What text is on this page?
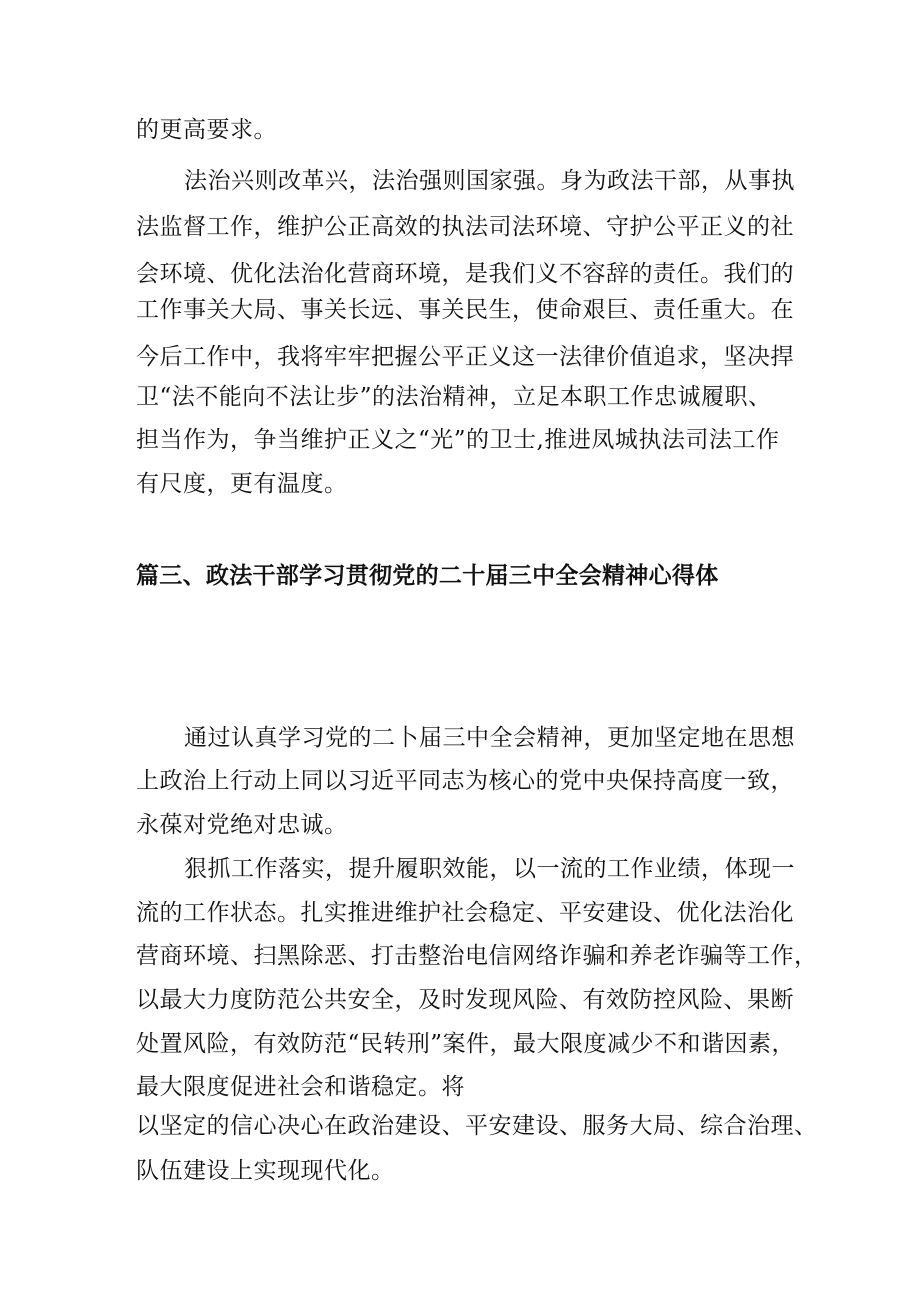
的更高要求。
法治兴则改革兴，法治强则国家强。身为政法干部，从事执
法监督工作，维护公正高效的执法司法环境、守护公平正义的社
会环境、优化法治化营商环境，是我们义不容辞的责任。我们的
工作事关大局、事关长远、事关民生，使命艰巨、责任重大。在
今后工作中，我将牢牢把握公平正义这一法律价值追求，坚决捍
卫“法不能向不法让步”的法治精神，立足本职工作忠诚履职、
担当作为，争当维护正义之“光”的卫士,推进凤城执法司法工作
有尺度，更有温度。
篇三、政法干部学习贯彻党的二十届三中全会精神心得体
通过认真学习党的二卜届三中全会精神，更加坚定地在思想
上政治上行动上同以习近平同志为核心的党中央保持高度一致，
永葆对党绝对忠诚。
狠抓工作落实，提升履职效能，以一流的工作业绩，体现一
流的工作状态。扎实推进维护社会稳定、平安建设、优化法治化
营商环境、扫黑除恶、打击整治电信网络诈骗和养老诈骗等工作，
以最大力度防范公共安全，及时发现风险、有效防控风险、果断
处置风险，有效防范“民转刑”案件，最大限度减少不和谐因素，
最大限度促进社会和谐稳定。将
以坚定的信心决心在政治建设、平安建设、服务大局、综合治理、
队伍建设上实现现代化。
